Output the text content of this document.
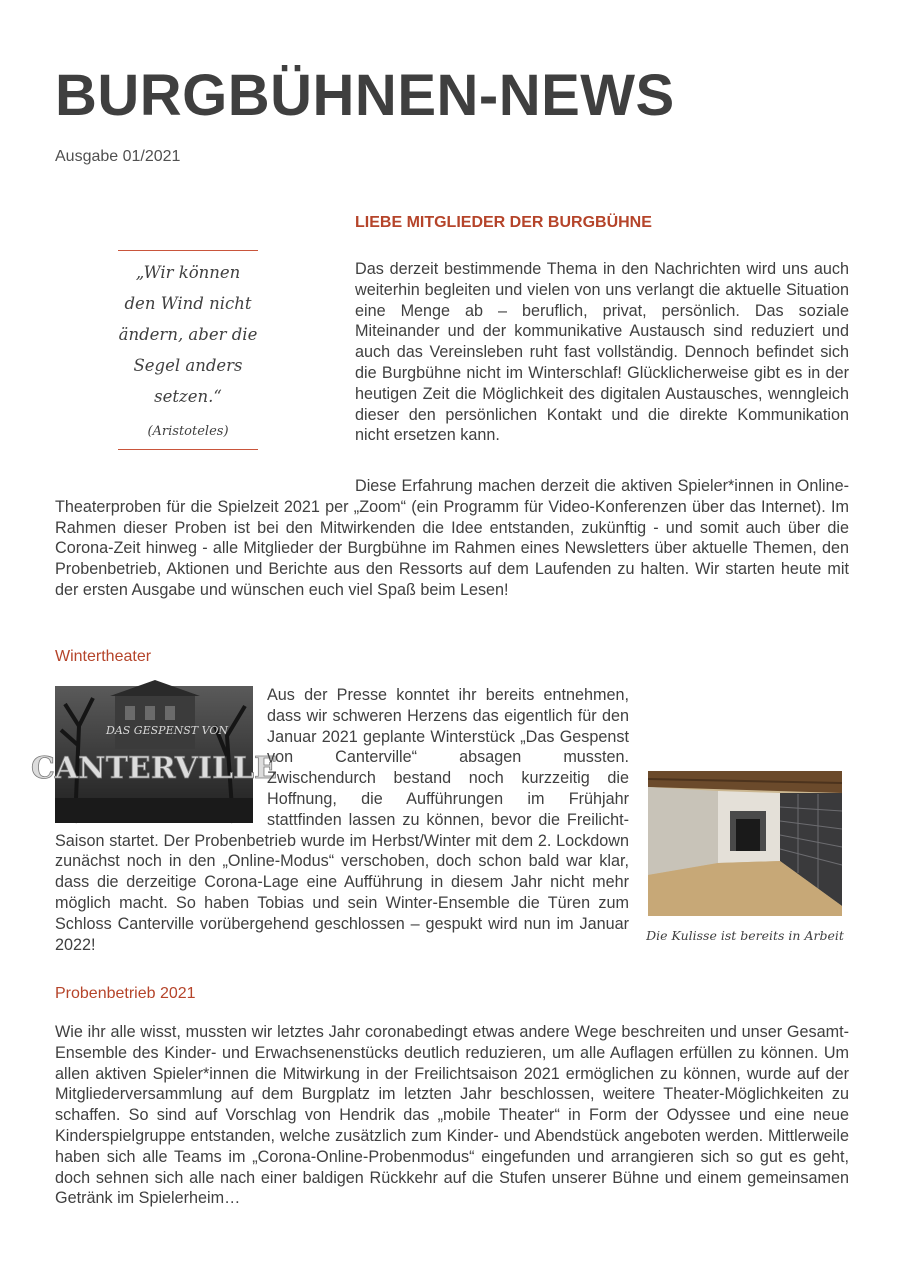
BURGBÜHNEN-NEWS
Ausgabe 01/2021
LIEBE MITGLIEDER DER BURGBÜHNE

„Wir können den Wind nicht ändern, aber die Segel anders setzen.“

(Aristoteles)

Das derzeit bestimmende Thema in den Nachrichten wird uns auch weiterhin begleiten und vielen von uns verlangt die aktuelle Situation eine Menge ab – beruflich, privat, persönlich. Das soziale Miteinander und der kommunikative Austausch sind reduziert und auch das Vereinsleben ruht fast vollständig. Dennoch befindet sich die Burgbühne nicht im Winterschlaf! Glücklicherweise gibt es in der heutigen Zeit die Möglichkeit des digitalen Austausches, wenngleich dieser den persönlichen Kontakt und die direkte Kommunikation nicht ersetzen kann.

Diese Erfahrung machen derzeit die aktiven Spieler*innen in Online-Theaterproben für die Spielzeit 2021 per „Zoom“ (ein Programm für Video-Konferenzen über das Internet). Im Rahmen dieser Proben ist bei den Mitwirkenden die Idee entstanden, zukünftig - und somit auch über die Corona-Zeit hinweg - alle Mitglieder der Burgbühne im Rahmen eines Newsletters über aktuelle Themen, den Probenbetrieb, Aktionen und Berichte aus den Ressorts auf dem Laufenden zu halten. Wir starten heute mit der ersten Ausgabe und wünschen euch viel Spaß beim Lesen!

Wintertheater
DAS GESPENST VON
CANTERVILLE
Die Kulisse ist bereits in Arbeit
Aus der Presse konntet ihr bereits entnehmen, dass wir schweren Herzens das eigentlich für den Januar 2021 geplante Winterstück „Das Gespenst von Canterville“ absagen mussten. Zwischendurch bestand noch kurzzeitig die Hoffnung, die Aufführungen im Frühjahr stattfinden lassen zu können, bevor die Freilicht-Saison startet. Der Probenbetrieb wurde im Herbst/Winter mit dem 2. Lockdown zunächst noch in den „Online-Modus“ verschoben, doch schon bald war klar, dass die derzeitige Corona-Lage eine Aufführung in diesem Jahr nicht mehr möglich macht. So haben Tobias und sein Winter-Ensemble die Türen zum Schloss Canterville vorübergehend geschlossen – gespukt wird nun im Januar 2022!
Probenbetrieb 2021

Wie ihr alle wisst, mussten wir letztes Jahr coronabedingt etwas andere Wege beschreiten und unser Gesamt-Ensemble des Kinder- und Erwachsenenstücks deutlich reduzieren, um alle Auflagen erfüllen zu können. Um allen aktiven Spieler*innen die Mitwirkung in der Freilichtsaison 2021 ermöglichen zu können, wurde auf der Mitgliederversammlung auf dem Burgplatz im letzten Jahr beschlossen, weitere Theater-Möglichkeiten zu schaffen. So sind auf Vorschlag von Hendrik das „mobile Theater“ in Form der Odyssee und eine neue Kinderspielgruppe entstanden, welche zusätzlich zum Kinder- und Abendstück angeboten werden. Mittlerweile haben sich alle Teams im „Corona-Online-Probenmodus“ eingefunden und arrangieren sich so gut es geht, doch sehnen sich alle nach einer baldigen Rückkehr auf die Stufen unserer Bühne und einem gemeinsamen Getränk im Spielerheim…
